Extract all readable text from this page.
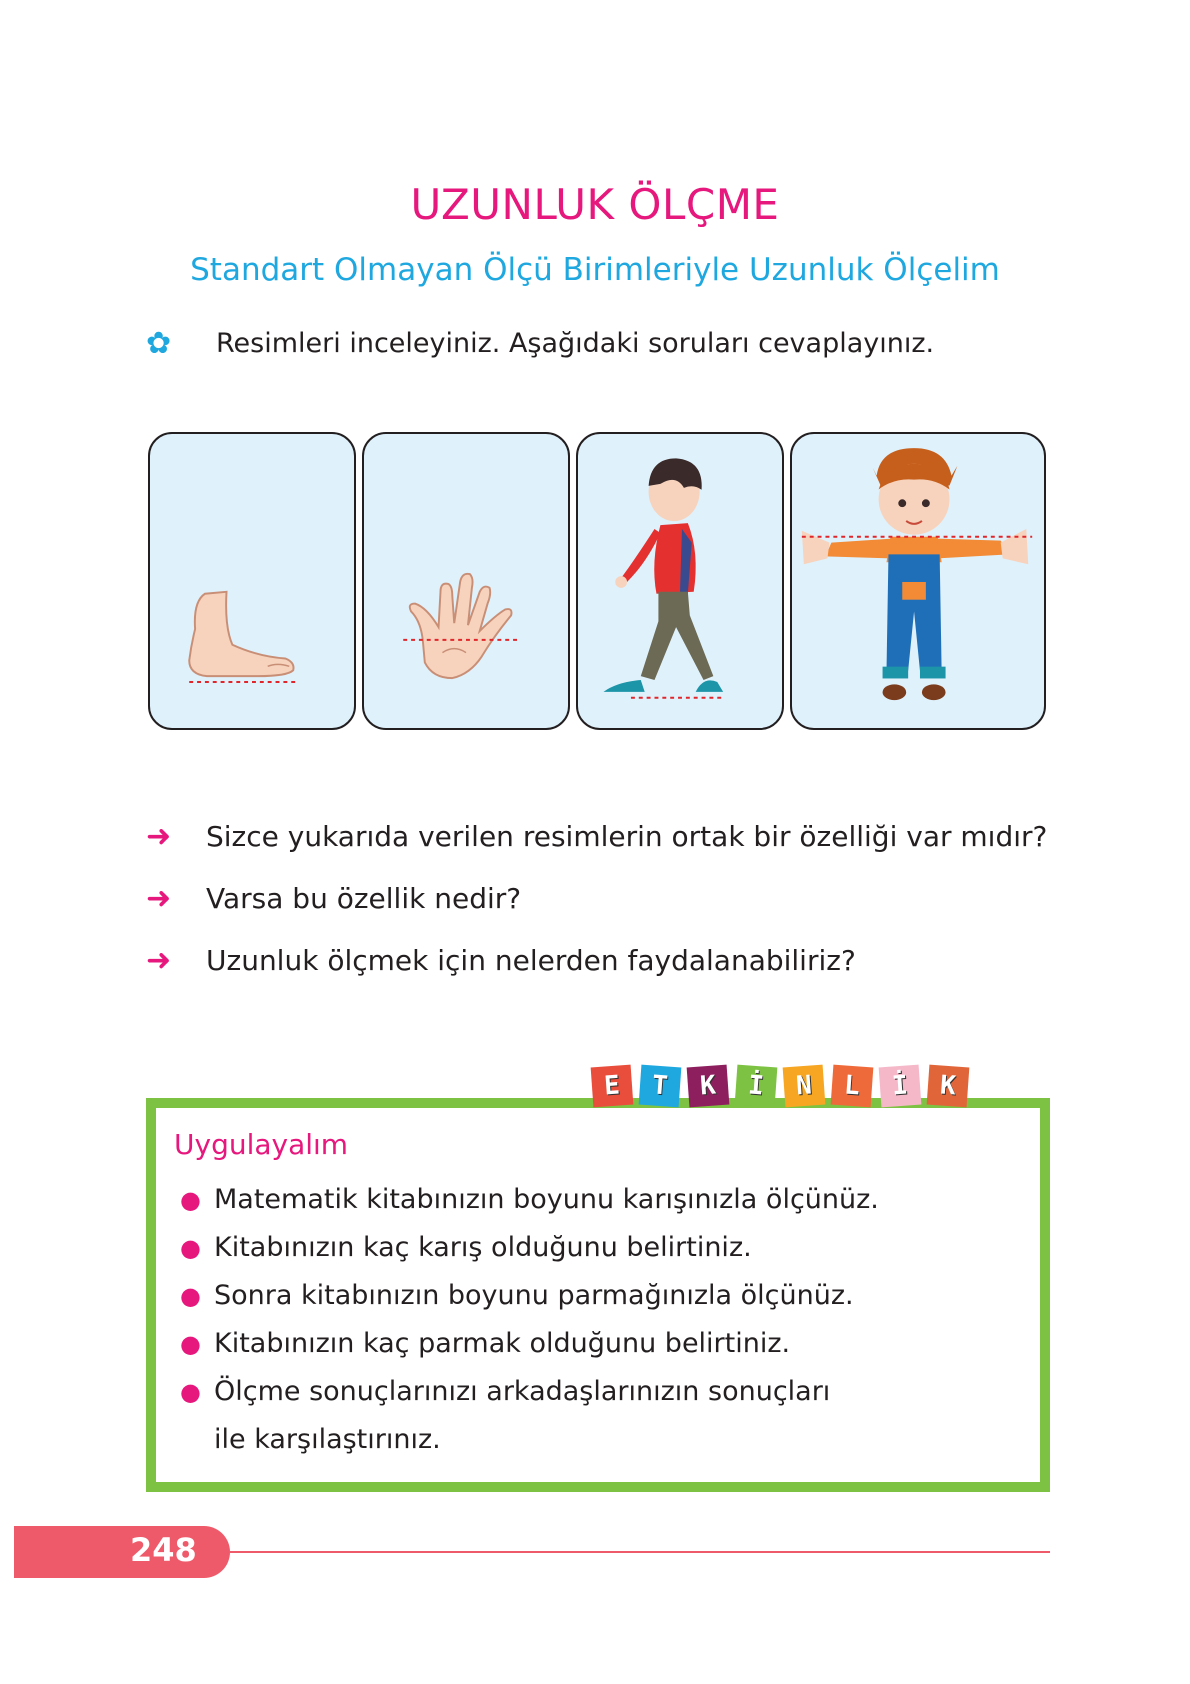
UZUNLUK ÖLÇME
Standart Olmayan Ölçü Birimleriyle Uzunluk Ölçelim
✿	Resimleri inceleyiniz. Aşağıdaki soruları cevaplayınız.
➜	Sizce yukarıda verilen resimlerin ortak bir özelliği var mıdır?
➜	Varsa bu özellik nedir?
➜	Uzunluk ölçmek için nelerden faydalanabiliriz?
Uygulayalım
● Matematik kitabınızın boyunu karışınızla ölçünüz.
● Kitabınızın kaç karış olduğunu belirtiniz.
● Sonra kitabınızın boyunu parmağınızla ölçünüz.
● Kitabınızın kaç parmak olduğunu belirtiniz.
● Ölçme sonuçlarınızı arkadaşlarınızın sonuçları ile karşılaştırınız.
E	T	K	İ	N	L	İ	K
248
